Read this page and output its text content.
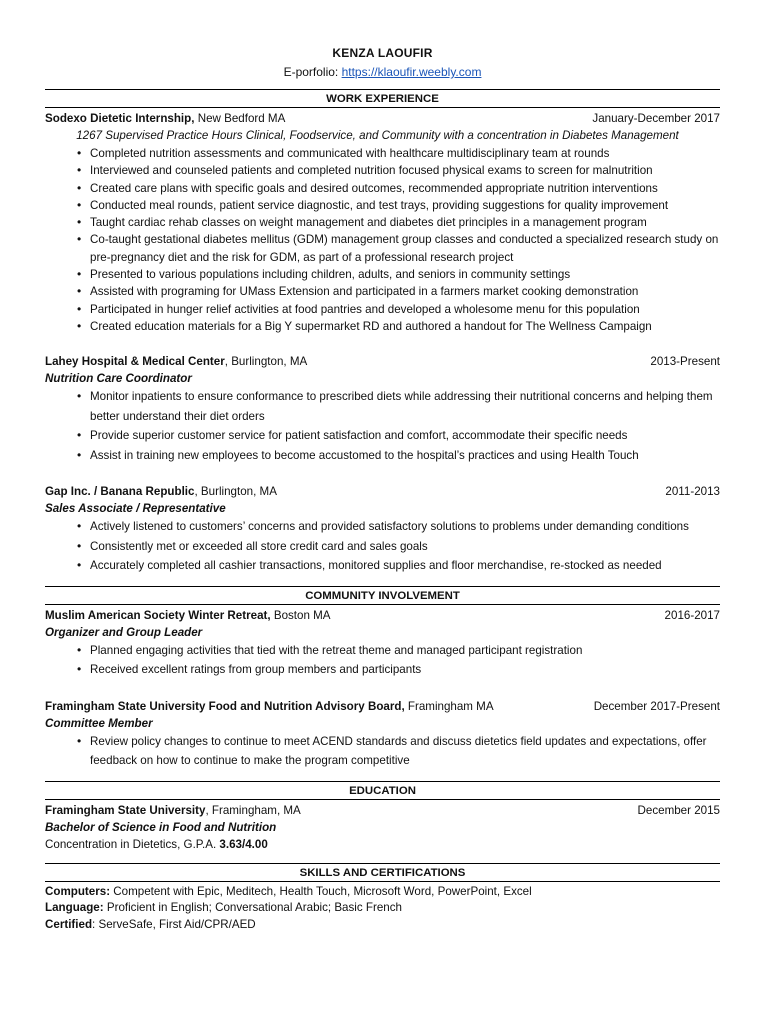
KENZA LAOUFIR
E-porfolio: https://klaoufir.weebly.com
WORK EXPERIENCE
Sodexo Dietetic Internship, New Bedford MA	January-December 2017
1267 Supervised Practice Hours Clinical, Foodservice, and Community with a concentration in Diabetes Management
• Completed nutrition assessments and communicated with healthcare multidisciplinary team at rounds
• Interviewed and counseled patients and completed nutrition focused physical exams to screen for malnutrition
• Created care plans with specific goals and desired outcomes, recommended appropriate nutrition interventions
• Conducted meal rounds, patient service diagnostic, and test trays, providing suggestions for quality improvement
• Taught cardiac rehab classes on weight management and diabetes diet principles in a management program
• Co-taught gestational diabetes mellitus (GDM) management group classes and conducted a specialized research study on pre-pregnancy diet and the risk for GDM, as part of a professional research project
• Presented to various populations including children, adults, and seniors in community settings
• Assisted with programing for UMass Extension and participated in a farmers market cooking demonstration
• Participated in hunger relief activities at food pantries and developed a wholesome menu for this population
• Created education materials for a Big Y supermarket RD and authored a handout for The Wellness Campaign
Lahey Hospital & Medical Center, Burlington, MA	2013-Present
Nutrition Care Coordinator
• Monitor inpatients to ensure conformance to prescribed diets while addressing their nutritional concerns and helping them better understand their diet orders
• Provide superior customer service for patient satisfaction and comfort, accommodate their specific needs
• Assist in training new employees to become accustomed to the hospital’s practices and using Health Touch
Gap Inc. / Banana Republic, Burlington, MA	2011-2013
Sales Associate / Representative
• Actively listened to customers’ concerns and provided satisfactory solutions to problems under demanding conditions
• Consistently met or exceeded all store credit card and sales goals
• Accurately completed all cashier transactions, monitored supplies and floor merchandise, re-stocked as needed
COMMUNITY INVOLVEMENT
Muslim American Society Winter Retreat, Boston MA	2016-2017
Organizer and Group Leader
• Planned engaging activities that tied with the retreat theme and managed participant registration
• Received excellent ratings from group members and participants
Framingham State University Food and Nutrition Advisory Board, Framingham MA	December 2017-Present
Committee Member
• Review policy changes to continue to meet ACEND standards and discuss dietetics field updates and expectations, offer feedback on how to continue to make the program competitive
EDUCATION
Framingham State University, Framingham, MA	December 2015
Bachelor of Science in Food and Nutrition
Concentration in Dietetics, G.P.A. 3.63/4.00
SKILLS AND CERTIFICATIONS
Computers: Competent with Epic, Meditech, Health Touch, Microsoft Word, PowerPoint, Excel
Language: Proficient in English; Conversational Arabic; Basic French
Certified: ServeSafe, First Aid/CPR/AED
